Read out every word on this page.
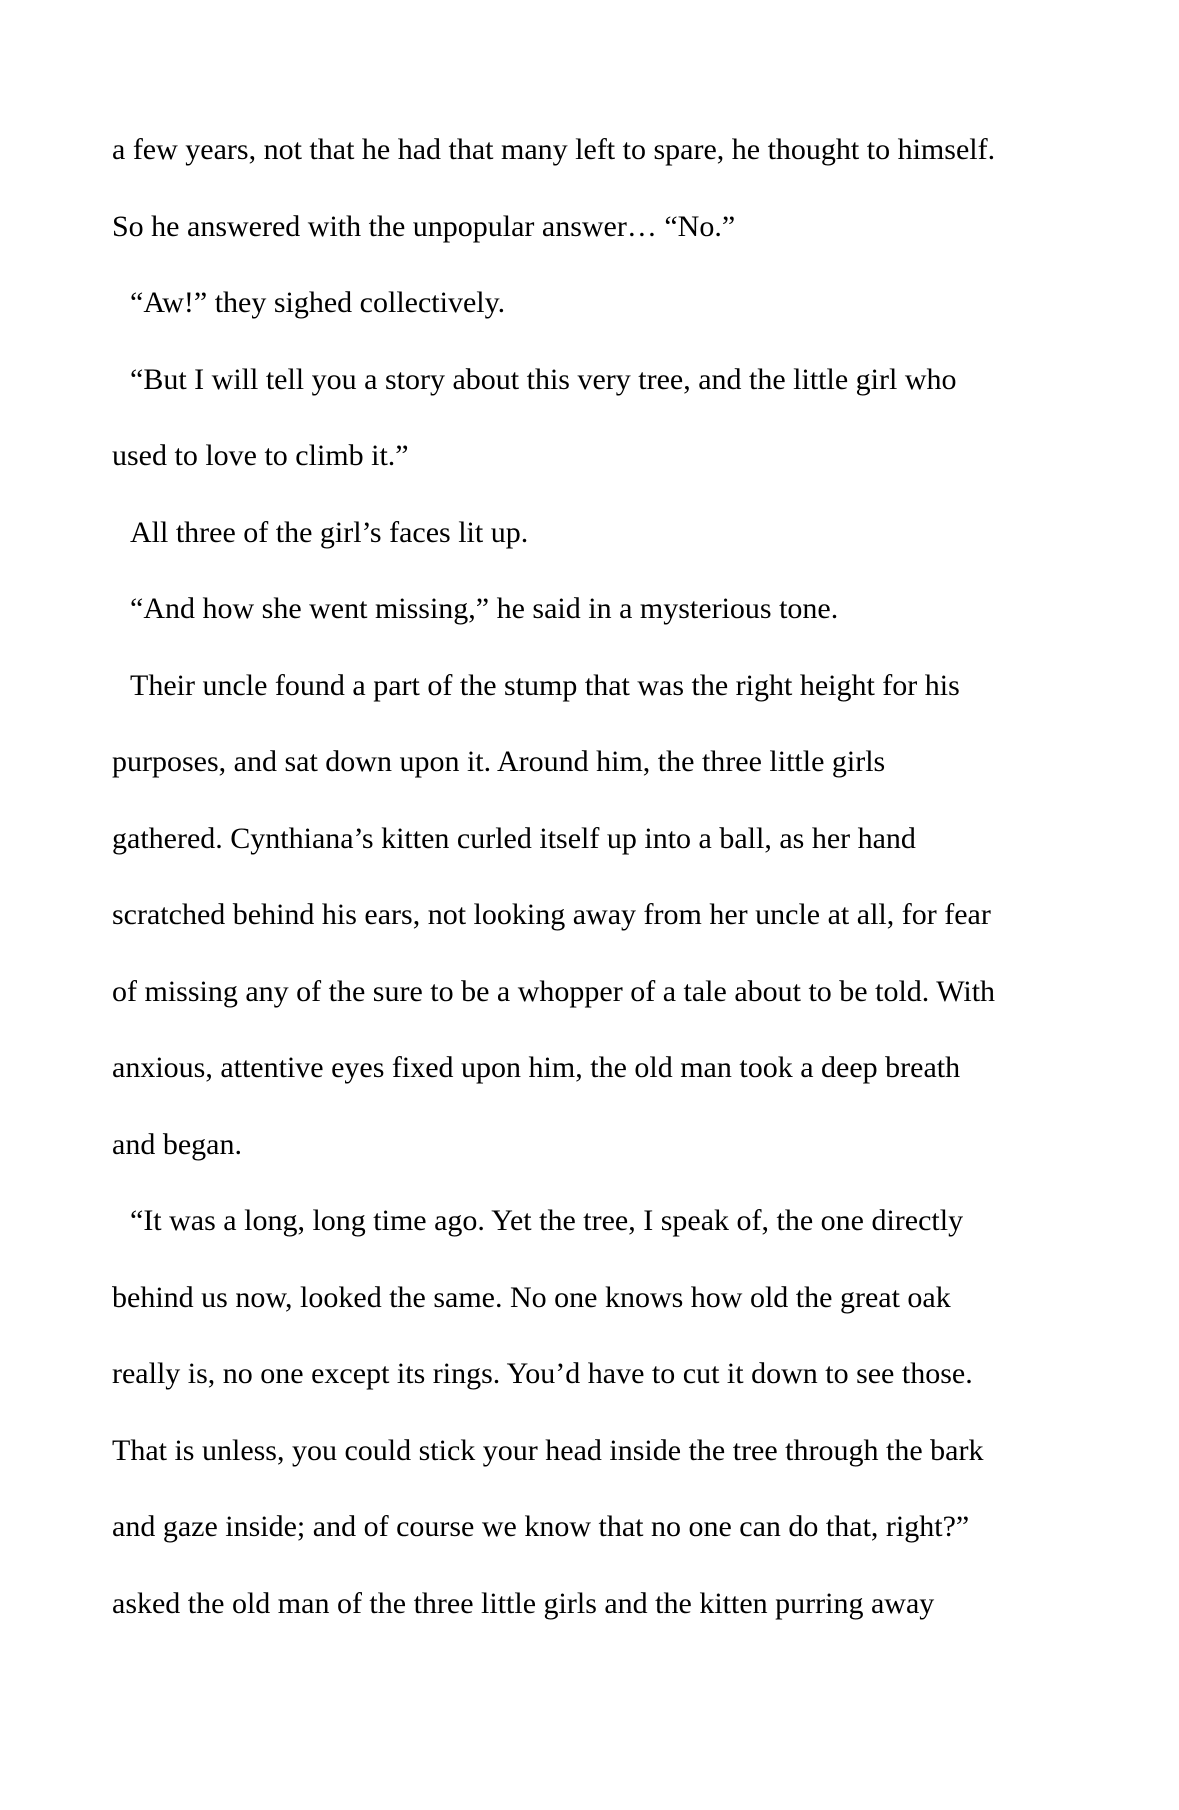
a few years, not that he had that many left to spare, he thought to himself.
So he answered with the unpopular answer… “No.”
“Aw!” they sighed collectively.
“But I will tell you a story about this very tree, and the little girl who
used to love to climb it.”
All three of the girl’s faces lit up.
“And how she went missing,” he said in a mysterious tone.
Their uncle found a part of the stump that was the right height for his
purposes, and sat down upon it. Around him, the three little girls
gathered. Cynthiana’s kitten curled itself up into a ball, as her hand
scratched behind his ears, not looking away from her uncle at all, for fear
of missing any of the sure to be a whopper of a tale about to be told. With
anxious, attentive eyes fixed upon him, the old man took a deep breath
and began.
“It was a long, long time ago. Yet the tree, I speak of, the one directly
behind us now, looked the same. No one knows how old the great oak
really is, no one except its rings. You’d have to cut it down to see those.
That is unless, you could stick your head inside the tree through the bark
and gaze inside; and of course we know that no one can do that, right?”
asked the old man of the three little girls and the kitten purring away
